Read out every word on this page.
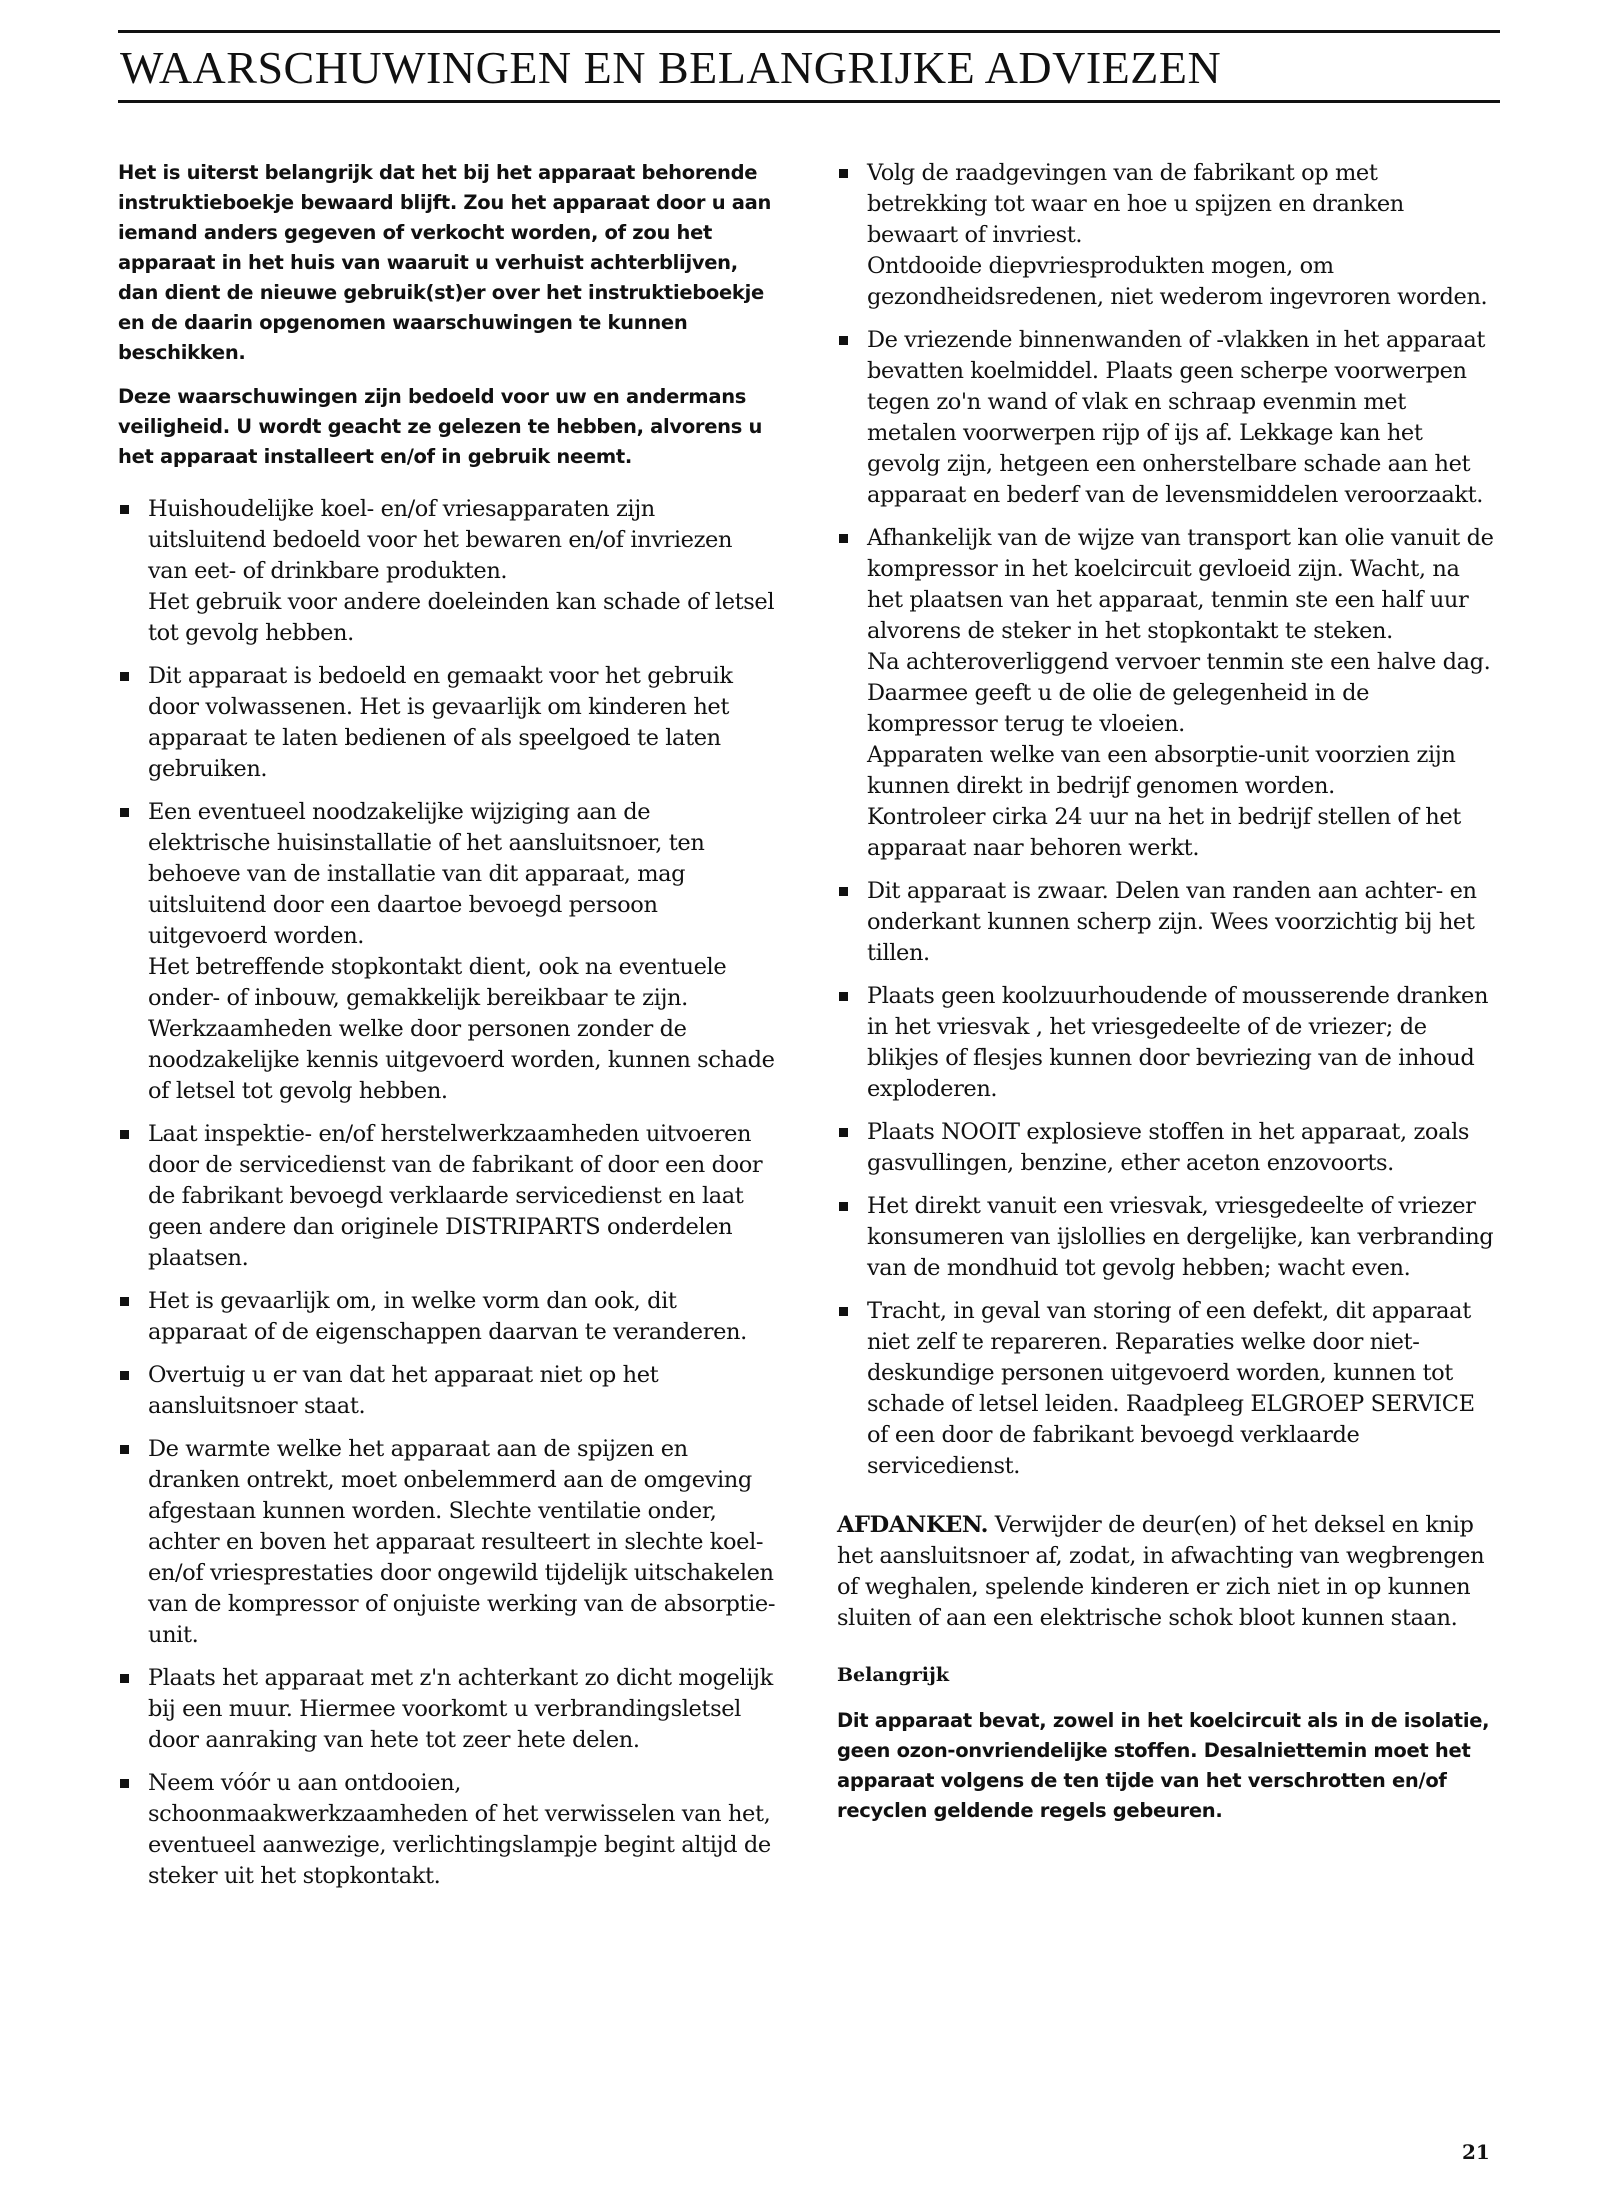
WAARSCHUWINGEN EN BELANGRIJKE ADVIEZEN

Het is uiterst belangrijk dat het bij het apparaat behorende instruktieboekje bewaard blijft. Zou het apparaat door u aan iemand anders gegeven of verkocht worden, of zou het apparaat in het huis van waaruit u verhuist achterblijven, dan dient de nieuwe gebruik(st)er over het instruktieboekje en de daarin opgenomen waarschuwingen te kunnen beschikken.

Deze waarschuwingen zijn bedoeld voor uw en andermans veiligheid. U wordt geacht ze gelezen te hebben, alvorens u het apparaat installeert en/of in gebruik neemt.

Huishoudelijke koel- en/of vriesapparaten zijn uitsluitend bedoeld voor het bewaren en/of invriezen van eet- of drinkbare produkten.

Het gebruik voor andere doeleinden kan schade of letsel tot gevolg hebben.

Dit apparaat is bedoeld en gemaakt voor het gebruik door volwassenen. Het is gevaarlijk om kinderen het apparaat te laten bedienen of als speelgoed te laten gebruiken.

Een eventueel noodzakelijke wijziging aan de elektrische huisinstallatie of het aansluitsnoer, ten behoeve van de installatie van dit apparaat, mag uitsluitend door een daartoe bevoegd persoon uitgevoerd worden.

Het betreffende stopkontakt dient, ook na eventuele onder- of inbouw, gemakkelijk bereikbaar te zijn.

Werkzaamheden welke door personen zonder de noodzakelijke kennis uitgevoerd worden, kunnen schade of letsel tot gevolg hebben.

Laat inspektie- en/of herstelwerkzaamheden uitvoeren door de servicedienst van de fabrikant of door een door de fabrikant bevoegd verklaarde servicedienst en laat geen andere dan originele DISTRIPARTS onderdelen plaatsen.

Het is gevaarlijk om, in welke vorm dan ook, dit apparaat of de eigenschappen daarvan te veranderen.

Overtuig u er van dat het apparaat niet op het aansluitsnoer staat.

De warmte welke het apparaat aan de spijzen en dranken ontrekt, moet onbelemmerd aan de omgeving afgestaan kunnen worden. Slechte ventilatie onder, achter en boven het apparaat resulteert in slechte koel- en/of vriesprestaties door ongewild tijdelijk uitschakelen van de kompressor of onjuiste werking van de absorptie-unit.

Plaats het apparaat met z'n achterkant zo dicht mogelijk bij een muur. Hiermee voorkomt u verbrandingsletsel door aanraking van hete tot zeer hete delen.

Neem vóór u aan ontdooien, schoonmaakwerkzaamheden of het verwisselen van het, eventueel aanwezige, verlichtingslampje begint altijd de steker uit het stopkontakt.

Volg de raadgevingen van de fabrikant op met betrekking tot waar en hoe u spijzen en dranken bewaart of invriest.

Ontdooide diepvriesprodukten mogen, om gezondheidsredenen, niet wederom ingevroren worden.

De vriezende binnenwanden of -vlakken in het apparaat bevatten koelmiddel. Plaats geen scherpe voorwerpen tegen zo'n wand of vlak en schraap evenmin met metalen voorwerpen rijp of ijs af. Lekkage kan het gevolg zijn, hetgeen een onherstelbare schade aan het apparaat en bederf van de levensmiddelen veroorzaakt.

Afhankelijk van de wijze van transport kan olie vanuit de kompressor in het koelcircuit gevloeid zijn. Wacht, na het plaatsen van het apparaat, tenmin ste een half uur alvorens de steker in het stopkontakt te steken.

Na achteroverliggend vervoer tenmin ste een halve dag. Daarmee geeft u de olie de gelegenheid in de kompressor terug te vloeien.

Apparaten welke van een absorptie-unit voorzien zijn kunnen direkt in bedrijf genomen worden.

Kontroleer cirka 24 uur na het in bedrijf stellen of het apparaat naar behoren werkt.

Dit apparaat is zwaar. Delen van randen aan achter- en onderkant kunnen scherp zijn. Wees voorzichtig bij het tillen.

Plaats geen koolzuurhoudende of mousserende dranken in het vriesvak , het vriesgedeelte of de vriezer; de blikjes of flesjes kunnen door bevriezing van de inhoud exploderen.

Plaats NOOIT explosieve stoffen in het apparaat, zoals gasvullingen, benzine, ether aceton enzovoorts.

Het direkt vanuit een vriesvak, vriesgedeelte of vriezer konsumeren van ijslollies en dergelijke, kan verbranding van de mondhuid tot gevolg hebben; wacht even.

Tracht, in geval van storing of een defekt, dit apparaat niet zelf te repareren. Reparaties welke door niet-deskundige personen uitgevoerd worden, kunnen tot schade of letsel leiden. Raadpleeg ELGROEP SERVICE of een door de fabrikant bevoegd verklaarde servicedienst.

AFDANKEN. Verwijder de deur(en) of het deksel en knip het aansluitsnoer af, zodat, in afwachting van wegbrengen of weghalen, spelende kinderen er zich niet in op kunnen sluiten of aan een elektrische schok bloot kunnen staan.

Belangrijk

Dit apparaat bevat, zowel in het koelcircuit als in de isolatie, geen ozon-onvriendelijke stoffen. Desalniettemin moet het apparaat volgens de ten tijde van het verschrotten en/of recyclen geldende regels gebeuren.

21
